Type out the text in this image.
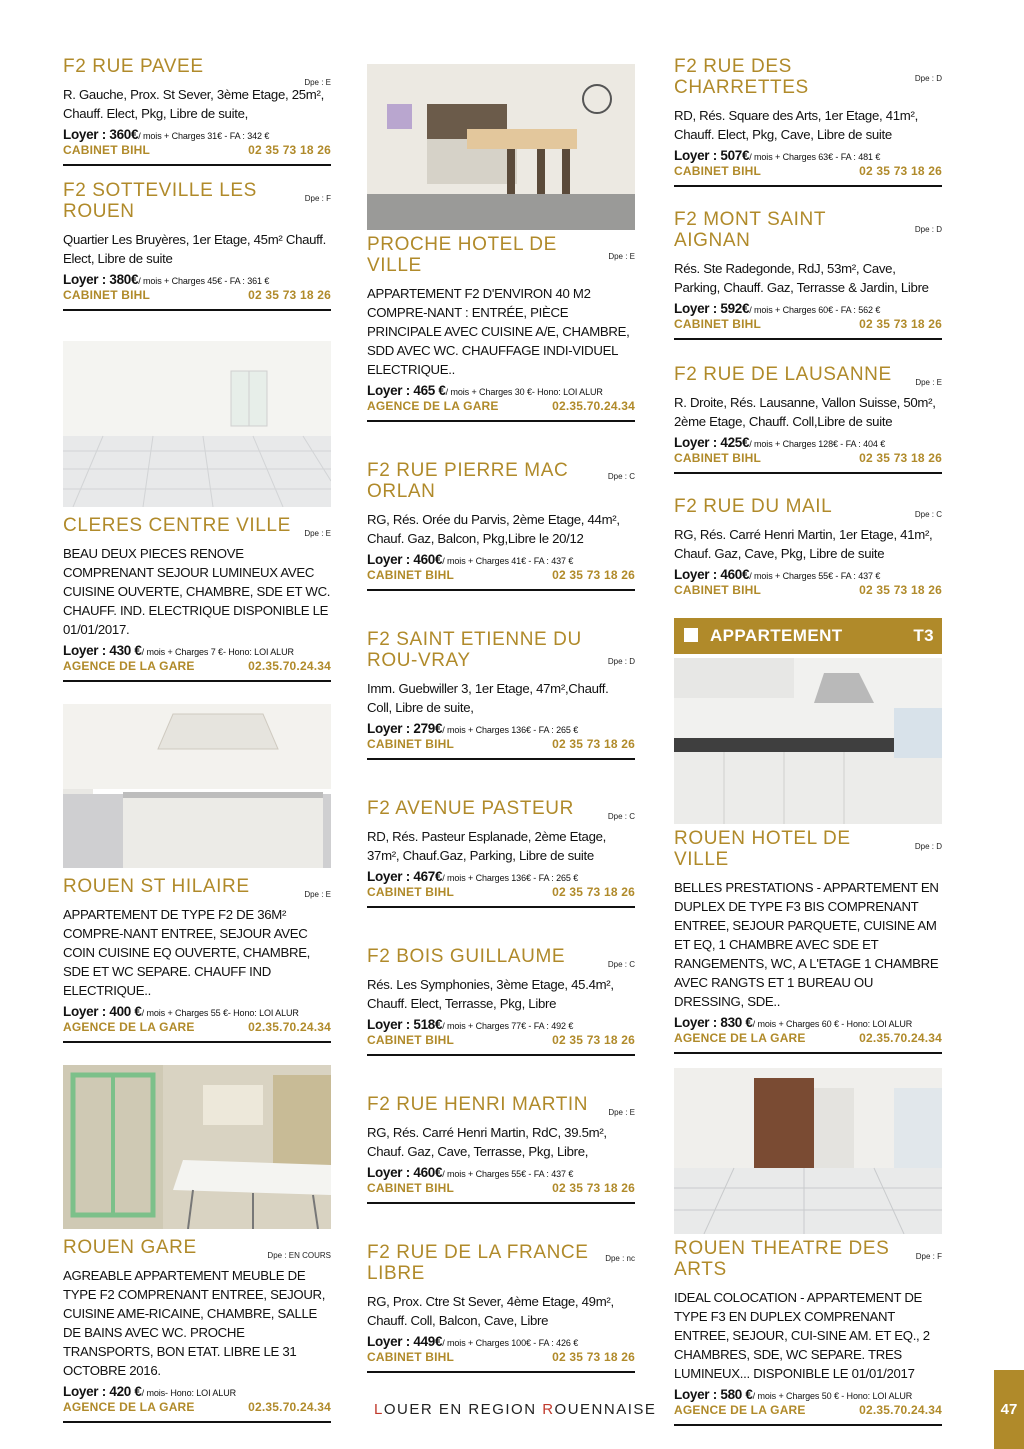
F2 RUE PAVEE
Dpe : E
R. Gauche, Prox. St Sever, 3ème Etage, 25m², Chauff. Elect, Pkg, Libre de suite,
Loyer : 360€/ mois + Charges 31€ - FA : 342 €
CABINET BIHL	02 35 73 18 26
F2 SOTTEVILLE LES ROUEN
Dpe : F
Quartier Les Bruyères, 1er Etage, 45m² Chauff. Elect, Libre de suite
Loyer : 380€/ mois + Charges 45€ - FA : 361 €
CABINET BIHL	02 35 73 18 26
CLERES CENTRE VILLE	Dpe : E
BEAU DEUX PIECES RENOVE COMPRENANT SEJOUR LUMINEUX AVEC CUISINE OUVERTE, CHAMBRE, SDE ET WC. CHAUFF. IND. ELECTRIQUE DISPONIBLE LE 01/01/2017.
Loyer : 430 €/ mois + Charges 7 €- Hono: LOI ALUR
AGENCE DE LA GARE	02.35.70.24.34
ROUEN ST HILAIRE	Dpe : E
APPARTEMENT DE TYPE F2 DE 36M² COMPRE-NANT ENTREE, SEJOUR AVEC COIN CUISINE EQ OUVERTE, CHAMBRE, SDE ET WC SEPARE. CHAUFF IND ELECTRIQUE..
Loyer : 400 €/ mois + Charges 55 €- Hono: LOI ALUR
AGENCE DE LA GARE	02.35.70.24.34
ROUEN GARE	Dpe : EN COURS
AGREABLE APPARTEMENT MEUBLE DE TYPE F2 COMPRENANT ENTREE, SEJOUR, CUISINE AME-RICAINE, CHAMBRE, SALLE DE BAINS AVEC WC. PROCHE TRANSPORTS, BON ETAT. LIBRE LE 31 OCTOBRE 2016.
Loyer : 420 €/ mois- Hono: LOI ALUR
AGENCE DE LA GARE	02.35.70.24.34
PROCHE HOTEL DE VILLE	Dpe : E
APPARTEMENT F2 D'ENVIRON 40 M2 COMPRE-NANT : ENTRÉE, PIÈCE PRINCIPALE AVEC CUISINE A/E, CHAMBRE, SDD AVEC WC. CHAUFFAGE INDI-VIDUEL ELECTRIQUE..
Loyer : 465 €/ mois + Charges 30 €- Hono: LOI ALUR
AGENCE DE LA GARE	02.35.70.24.34
F2 RUE PIERRE MAC ORLAN
Dpe : C
RG, Rés. Orée du Parvis, 2ème Etage, 44m², Chauf. Gaz, Balcon, Pkg,Libre le 20/12
Loyer : 460€/ mois + Charges 41€ - FA : 437 €
CABINET BIHL	02 35 73 18 26
F2 SAINT ETIENNE DU ROU-VRAY	Dpe : D
Imm. Guebwiller 3, 1er Etage, 47m²,Chauff. Coll, Libre de suite,
Loyer : 279€/ mois + Charges 136€ - FA : 265 €
CABINET BIHL	02 35 73 18 26
F2 AVENUE PASTEUR	Dpe : C
RD, Rés. Pasteur Esplanade, 2ème Etage, 37m², Chauf.Gaz, Parking, Libre de suite
Loyer : 467€/ mois + Charges 136€ - FA : 265 €
CABINET BIHL	02 35 73 18 26
F2 BOIS GUILLAUME	Dpe : C
Rés. Les Symphonies, 3ème Etage, 45.4m², Chauff. Elect, Terrasse, Pkg, Libre
Loyer : 518€/ mois + Charges 77€ - FA : 492 €
CABINET BIHL	02 35 73 18 26
F2 RUE HENRI MARTIN	Dpe : E
RG, Rés. Carré Henri Martin, RdC, 39.5m², Chauf. Gaz, Cave, Terrasse, Pkg, Libre,
Loyer : 460€/ mois + Charges 55€ - FA : 437 €
CABINET BIHL	02 35 73 18 26
F2 RUE DE LA FRANCE LIBRE
Dpe : nc
RG, Prox. Ctre St Sever, 4ème Etage, 49m², Chauff. Coll, Balcon, Cave, Libre
Loyer : 449€/ mois + Charges 100€ - FA : 426 €
CABINET BIHL	02 35 73 18 26
F2 RUE DES CHARRETTES	Dpe : D
RD, Rés. Square des Arts, 1er Etage, 41m², Chauff. Elect, Pkg, Cave, Libre de suite
Loyer : 507€/ mois + Charges 63€ - FA : 481 €
CABINET BIHL	02 35 73 18 26
F2 MONT SAINT AIGNAN
Dpe : D
Rés. Ste Radegonde, RdJ, 53m², Cave, Parking, Chauff. Gaz, Terrasse & Jardin, Libre
Loyer : 592€/ mois + Charges 60€ - FA : 562 €
CABINET BIHL	02 35 73 18 26
F2 RUE DE LAUSANNE	Dpe : E
R. Droite, Rés. Lausanne, Vallon Suisse, 50m², 2ème Etage, Chauff. Coll,Libre de suite
Loyer : 425€/ mois + Charges 128€ - FA : 404 €
CABINET BIHL	02 35 73 18 26
F2 RUE DU MAIL	Dpe : C
RG, Rés. Carré Henri Martin, 1er Etage, 41m², Chauf. Gaz, Cave, Pkg, Libre de suite
Loyer : 460€/ mois + Charges 55€ - FA : 437 €
CABINET BIHL	02 35 73 18 26
APPARTEMENT	T3
ROUEN HOTEL DE VILLE
Dpe : D
BELLES PRESTATIONS - APPARTEMENT EN DUPLEX DE TYPE F3 BIS COMPRENANT ENTREE, SEJOUR PARQUETE, CUISINE AM ET EQ, 1 CHAMBRE AVEC SDE ET RANGEMENTS, WC, A L'ETAGE 1 CHAMBRE AVEC RANGTS ET 1 BUREAU OU DRESSING, SDE..
Loyer : 830 €/ mois + Charges 60 € - Hono: LOI ALUR
AGENCE DE LA GARE	02.35.70.24.34
ROUEN THEATRE DES ARTS
Dpe : F
IDEAL COLOCATION - APPARTEMENT DE TYPE F3 EN DUPLEX COMPRENANT ENTREE, SEJOUR, CUI-SINE AM. ET EQ., 2 CHAMBRES, SDE, WC SEPARE. TRES LUMINEUX... DISPONIBLE LE 01/01/2017
Loyer : 580 €/ mois + Charges 50 € - Hono: LOI ALUR
AGENCE DE LA GARE	02.35.70.24.34
LOUER EN REGION ROUENNAISE	47
